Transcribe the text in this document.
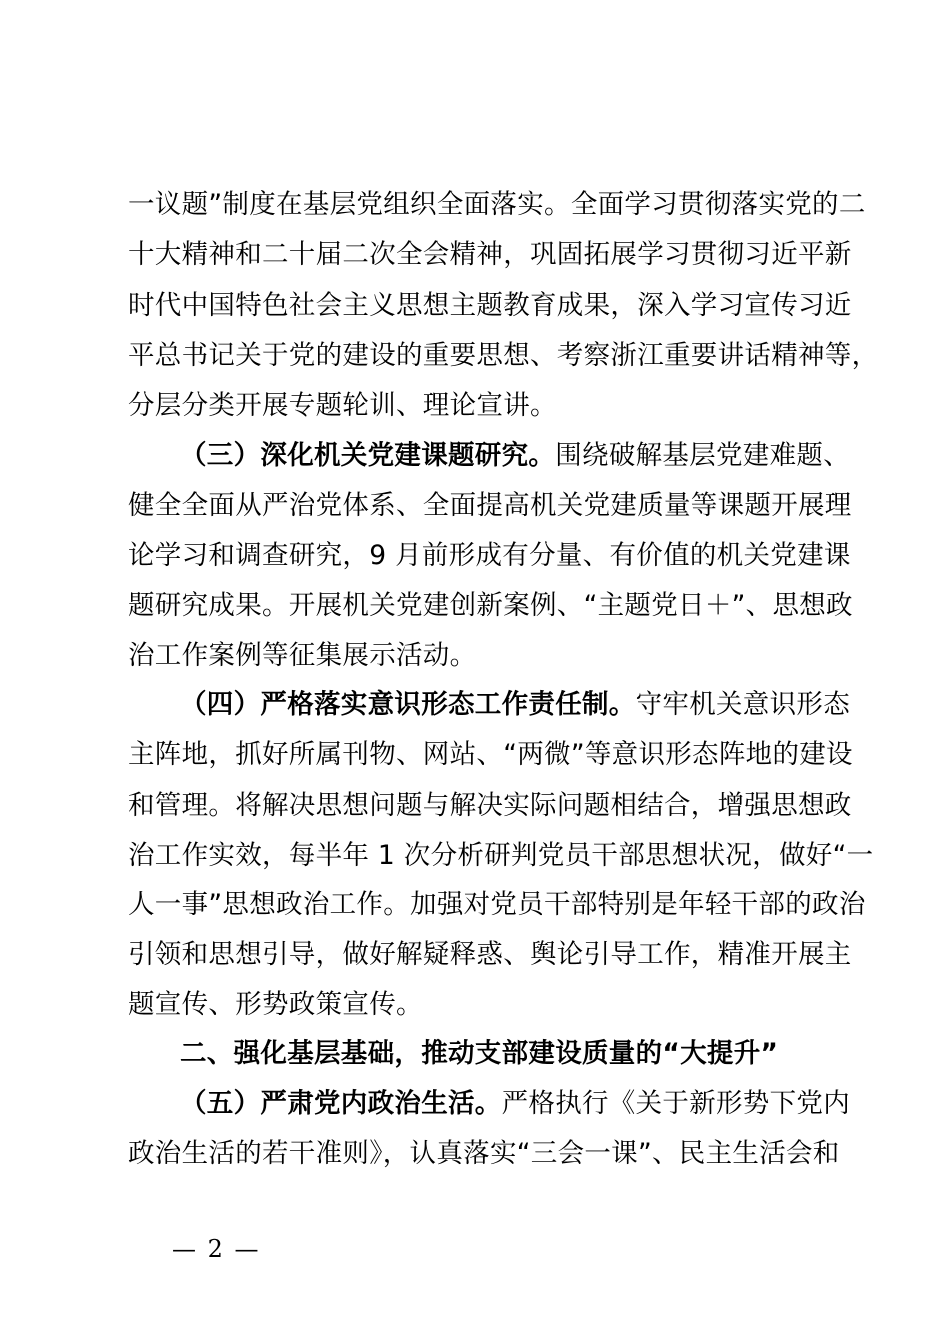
一议题”制度在基层党组织全面落实。全面学习贯彻落实党的二
十大精神和二十届二次全会精神，巩固拓展学习贯彻习近平新
时代中国特色社会主义思想主题教育成果，深入学习宣传习近
平总书记关于党的建设的重要思想、考察浙江重要讲话精神等，
分层分类开展专题轮训、理论宣讲。
（三）深化机关党建课题研究。围绕破解基层党建难题、
健全全面从严治党体系、全面提高机关党建质量等课题开展理
论学习和调查研究，9 月前形成有分量、有价值的机关党建课
题研究成果。开展机关党建创新案例、“主题党日＋”、思想政
治工作案例等征集展示活动。
（四）严格落实意识形态工作责任制。守牢机关意识形态
主阵地，抓好所属刊物、网站、“两微”等意识形态阵地的建设
和管理。将解决思想问题与解决实际问题相结合，增强思想政
治工作实效，每半年 1 次分析研判党员干部思想状况，做好“一
人一事”思想政治工作。加强对党员干部特别是年轻干部的政治
引领和思想引导，做好解疑释惑、舆论引导工作，精准开展主
题宣传、形势政策宣传。
二、强化基层基础，推动支部建设质量的“大提升”
（五）严肃党内政治生活。严格执行《关于新形势下党内
政治生活的若干准则》，认真落实“三会一课”、民主生活会和
— 2 —
